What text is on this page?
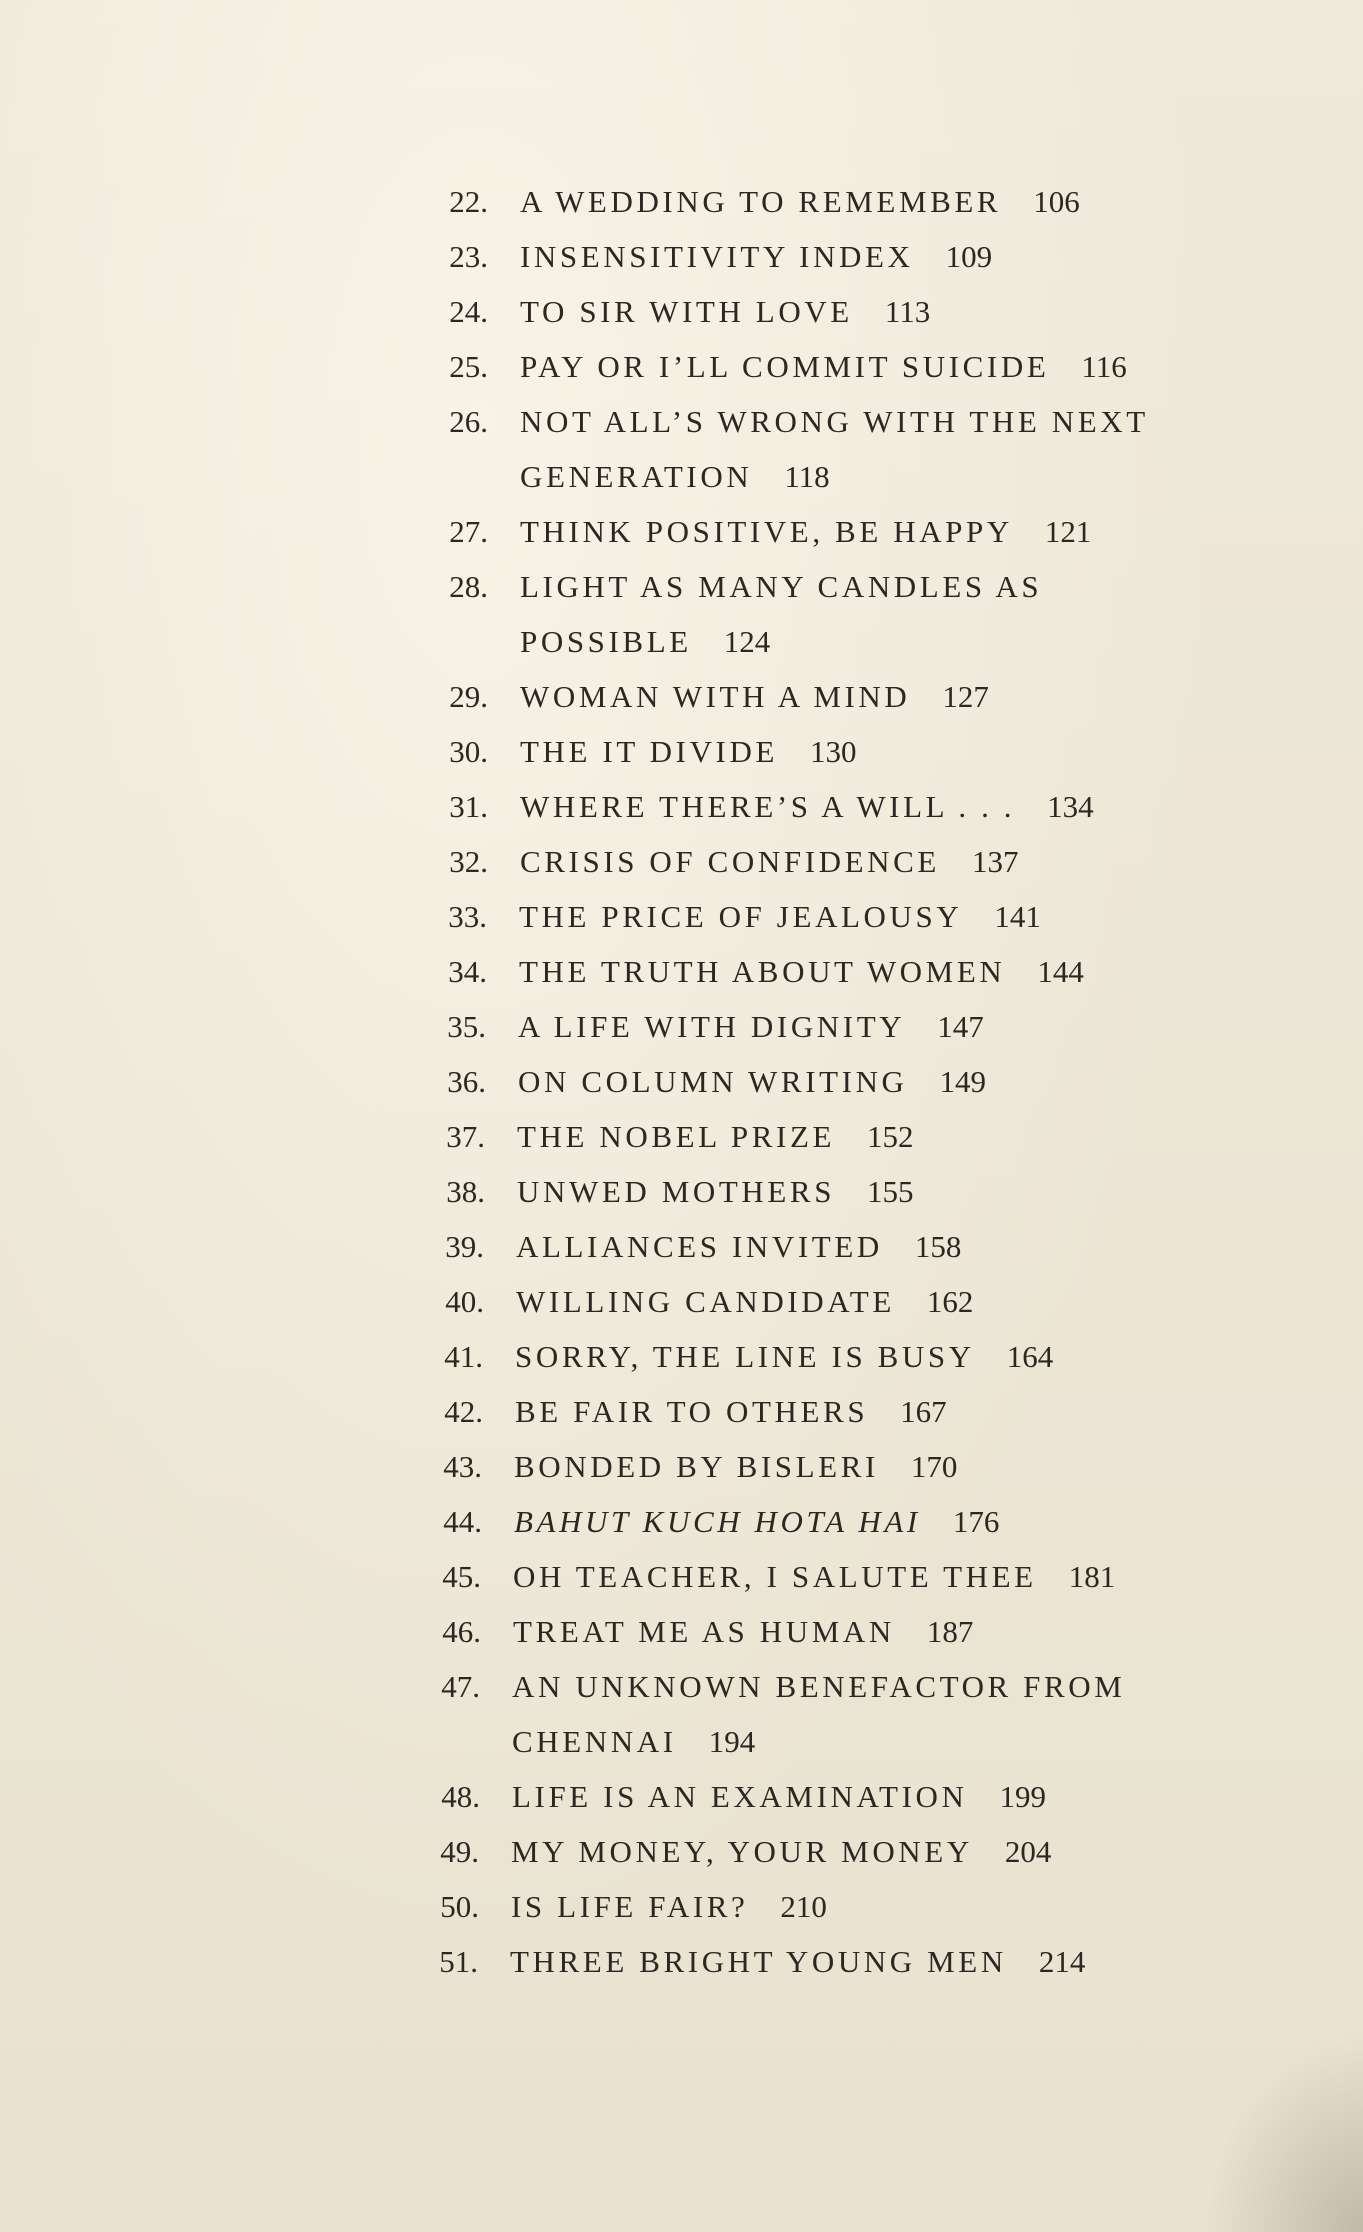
22. A WEDDING TO REMEMBER 106
23. INSENSITIVITY INDEX 109
24. TO SIR WITH LOVE 113
25. PAY OR I’LL COMMIT SUICIDE 116
26. NOT ALL’S WRONG WITH THE NEXT
GENERATION 118
27. THINK POSITIVE, BE HAPPY 121
28. LIGHT AS MANY CANDLES AS
POSSIBLE 124
29. WOMAN WITH A MIND 127
30. THE IT DIVIDE 130
31. WHERE THERE’S A WILL . . . 134
32. CRISIS OF CONFIDENCE 137
33. THE PRICE OF JEALOUSY 141
34. THE TRUTH ABOUT WOMEN 144
35. A LIFE WITH DIGNITY 147
36. ON COLUMN WRITING 149
37. THE NOBEL PRIZE 152
38. UNWED MOTHERS 155
39. ALLIANCES INVITED 158
40. WILLING CANDIDATE 162
41. SORRY, THE LINE IS BUSY 164
42. BE FAIR TO OTHERS 167
43. BONDED BY BISLERI 170
44. BAHUT KUCH HOTA HAI 176
45. OH TEACHER, I SALUTE THEE 181
46. TREAT ME AS HUMAN 187
47. AN UNKNOWN BENEFACTOR FROM
CHENNAI 194
48. LIFE IS AN EXAMINATION 199
49. MY MONEY, YOUR MONEY 204
50. IS LIFE FAIR? 210
51. THREE BRIGHT YOUNG MEN 214
